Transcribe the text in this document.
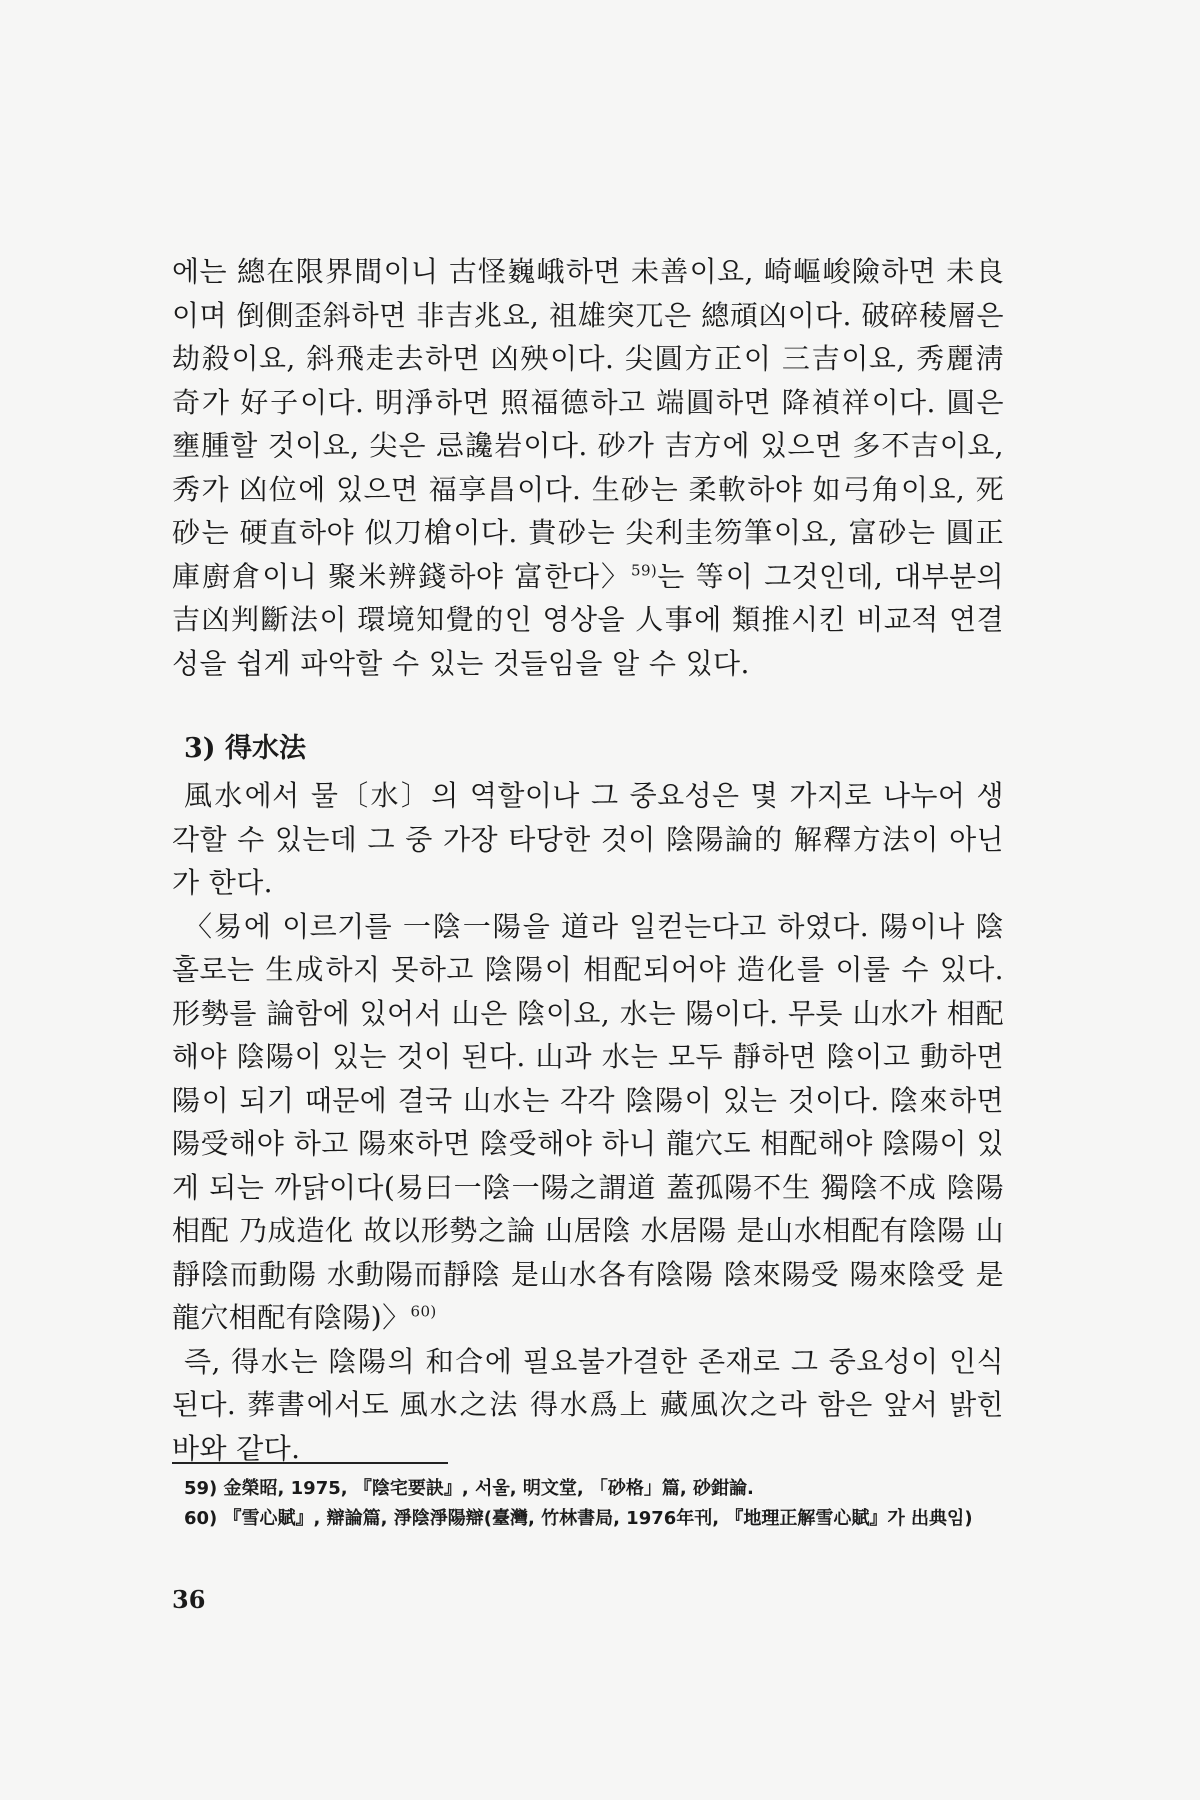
에는 總在限界間이니 古怪巍峨하면 未善이요, 崎嶇峻險하면 未良이며 倒側歪斜하면 非吉兆요, 祖雄突兀은 總頑凶이다. 破碎稜層은 劫殺이요, 斜飛走去하면 凶殃이다. 尖圓方正이 三吉이요, 秀麗淸奇가 好子이다. 明淨하면 照福德하고 端圓하면 降禎祥이다. 圓은 壅腫할 것이요, 尖은 忌讒岩이다. 砂가 吉方에 있으면 多不吉이요, 秀가 凶位에 있으면 福享昌이다. 生砂는 柔軟하야 如弓角이요, 死砂는 硬直하야 似刀槍이다. 貴砂는 尖利圭笏筆이요, 富砂는 圓正庫廚倉이니 聚米辨錢하야 富한다〉$^{59)}$는 等이 그것인데, 대부분의 吉凶判斷法이 環境知覺的인 영상을 人事에 類推시킨 비교적 연결성을 쉽게 파악할 수 있는 것들임을 알 수 있다.

3) 得水法

風水에서 물〔水〕의 역할이나 그 중요성은 몇 가지로 나누어 생각할 수 있는데 그 중 가장 타당한 것이 陰陽論的 解釋方法이 아닌가 한다.

〈易에 이르기를 一陰一陽을 道라 일컫는다고 하였다. 陽이나 陰 홀로는 生成하지 못하고 陰陽이 相配되어야 造化를 이룰 수 있다. 形勢를 論함에 있어서 山은 陰이요, 水는 陽이다. 무릇 山水가 相配해야 陰陽이 있는 것이 된다. 山과 水는 모두 靜하면 陰이고 動하면 陽이 되기 때문에 결국 山水는 각각 陰陽이 있는 것이다. 陰來하면 陽受해야 하고 陽來하면 陰受해야 하니 龍穴도 相配해야 陰陽이 있게 되는 까닭이다(易曰一陰一陽之謂道 蓋孤陽不生 獨陰不成 陰陽相配 乃成造化 故以形勢之論 山居陰 水居陽 是山水相配有陰陽 山靜陰而動陽 水動陽而靜陰 是山水各有陰陽 陰來陽受 陽來陰受 是龍穴相配有陰陽)〉$^{60)}$

즉, 得水는 陰陽의 和合에 필요불가결한 존재로 그 중요성이 인식된다. 葬書에서도 風水之法 得水爲上 藏風次之라 함은 앞서 밝힌 바와 같다.

59) 金榮昭, 1975, 『陰宅要訣』, 서울, 明文堂, 「砂格」篇, 砂鉗論.

60) 『雪心賦』, 辯論篇, 淨陰淨陽辯(臺灣, 竹林書局, 1976年刊, 『地理正解雪心賦』가 出典임)

36
